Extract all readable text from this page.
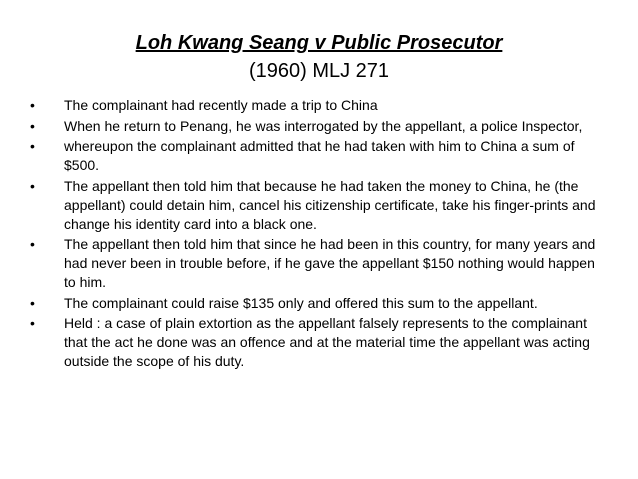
Loh Kwang Seang v Public Prosecutor
(1960) MLJ 271
•	The complainant had recently made a trip to China
•	When he return to Penang, he was interrogated by the appellant, a police Inspector,
•	whereupon the complainant admitted that he had taken with him to China a sum of $500.
•	The appellant then told him that because he had taken the money to China, he (the appellant) could detain him, cancel his citizenship certificate, take his finger-prints and change his identity card into a black one.
•	The appellant then told him that since he had been in this country, for many years and had never been in trouble before, if he gave the appellant $150 nothing would happen to him.
•	The complainant could raise $135 only and offered this sum to the appellant.
•	Held : a case of plain extortion as the appellant falsely represents to the complainant that the act he done was an offence and at the material time the appellant was acting outside the scope of his duty.
